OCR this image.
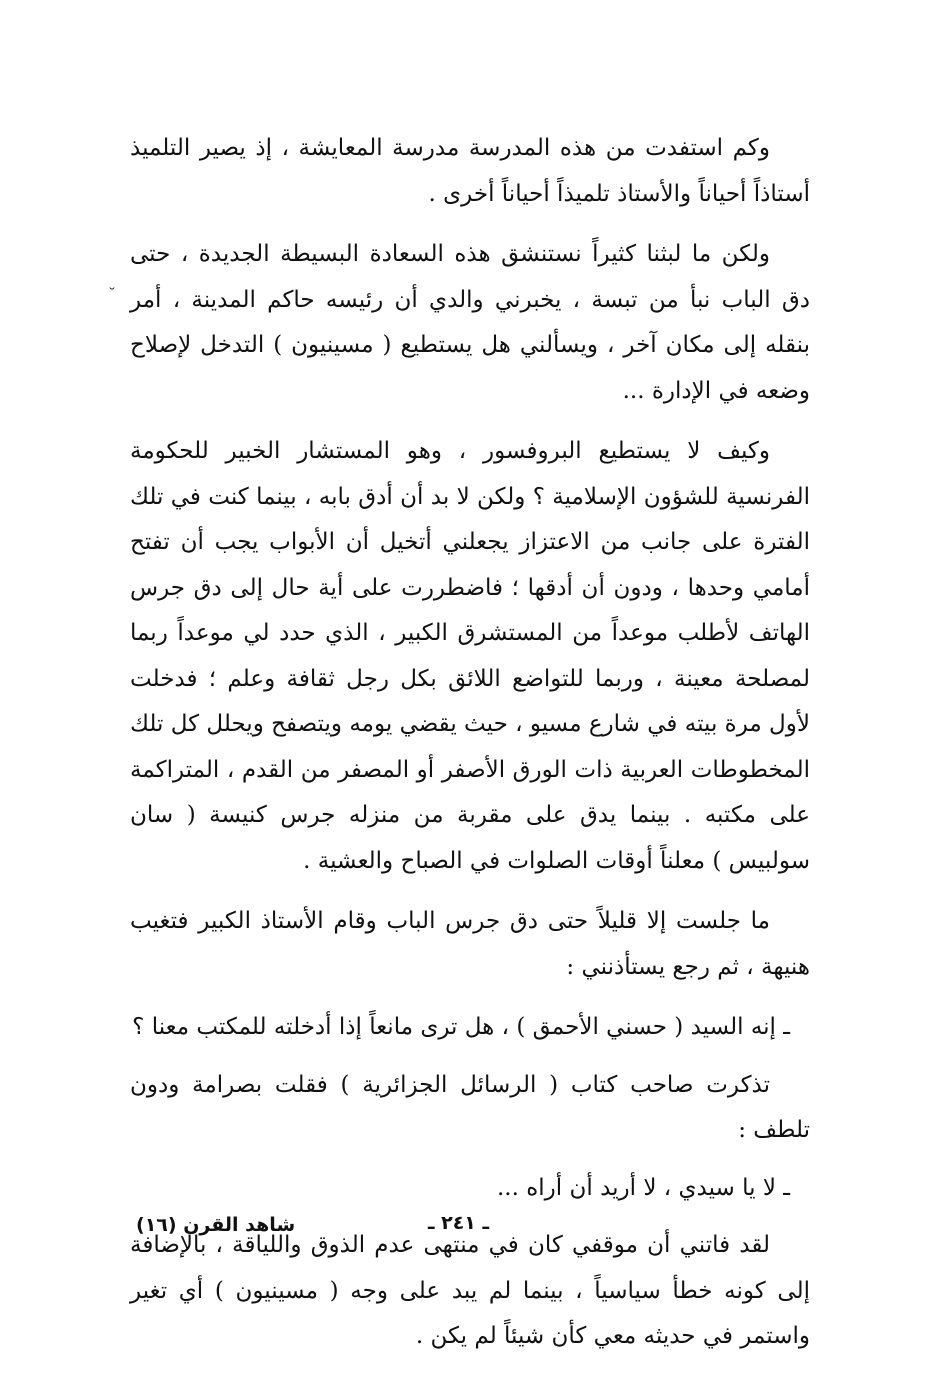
˘

وكم استفدت من هذه المدرسة مدرسة المعايشة ، إذ يصير التلميذ أستاذاً أحياناً والأستاذ تلميذاً أحياناً أخرى .

ولكن ما لبثنا كثيراً نستنشق هذه السعادة البسيطة الجديدة ، حتى دق الباب نبأ من تبسة ، يخبرني والدي أن رئيسه حاكم المدينة ، أمر بنقله إلى مكان آخر ، ويسألني هل يستطيع ( مسينيون ) التدخل لإصلاح وضعه في الإدارة ...

وكيف لا يستطيع البروفسور ، وهو المستشار الخبير للحكومة الفرنسية للشؤون الإسلامية ؟ ولكن لا بد أن أدق بابه ، بينما كنت في تلك الفترة على جانب من الاعتزاز يجعلني أتخيل أن الأبواب يجب أن تفتح أمامي وحدها ، ودون أن أدقها ؛ فاضطررت على أية حال إلى دق جرس الهاتف لأطلب موعداً من المستشرق الكبير ، الذي حدد لي موعداً ربما لمصلحة معينة ، وربما للتواضع اللائق بكل رجل ثقافة وعلم ؛ فدخلت لأول مرة بيته في شارع مسيو ، حيث يقضي يومه ويتصفح ويحلل كل تلك المخطوطات العربية ذات الورق الأصفر أو المصفر من القدم ، المتراكمة على مكتبه . بينما يدق على مقربة من منزله جرس كنيسة ( سان سولبيس ) معلناً أوقات الصلوات في الصباح والعشية .

ما جلست إلا قليلاً حتى دق جرس الباب وقام الأستاذ الكبير فتغيب هنيهة ، ثم رجع يستأذنني :

ـ إنه السيد ( حسني الأحمق ) ، هل ترى مانعاً إذا أدخلته للمكتب معنا ؟

تذكرت صاحب كتاب ( الرسائل الجزائرية ) فقلت بصرامة ودون تلطف :

ـ لا يا سيدي ، لا أريد أن أراه ...

لقد فاتني أن موقفي كان في منتهى عدم الذوق واللياقة ، بالإضافة إلى كونه خطأ سياسياً ، بينما لم يبد على وجه ( مسينيون ) أي تغير واستمر في حديثه معي كأن شيئاً لم يكن .

شاهد القرن (١٦)	ـ ٢٤١ ـ
